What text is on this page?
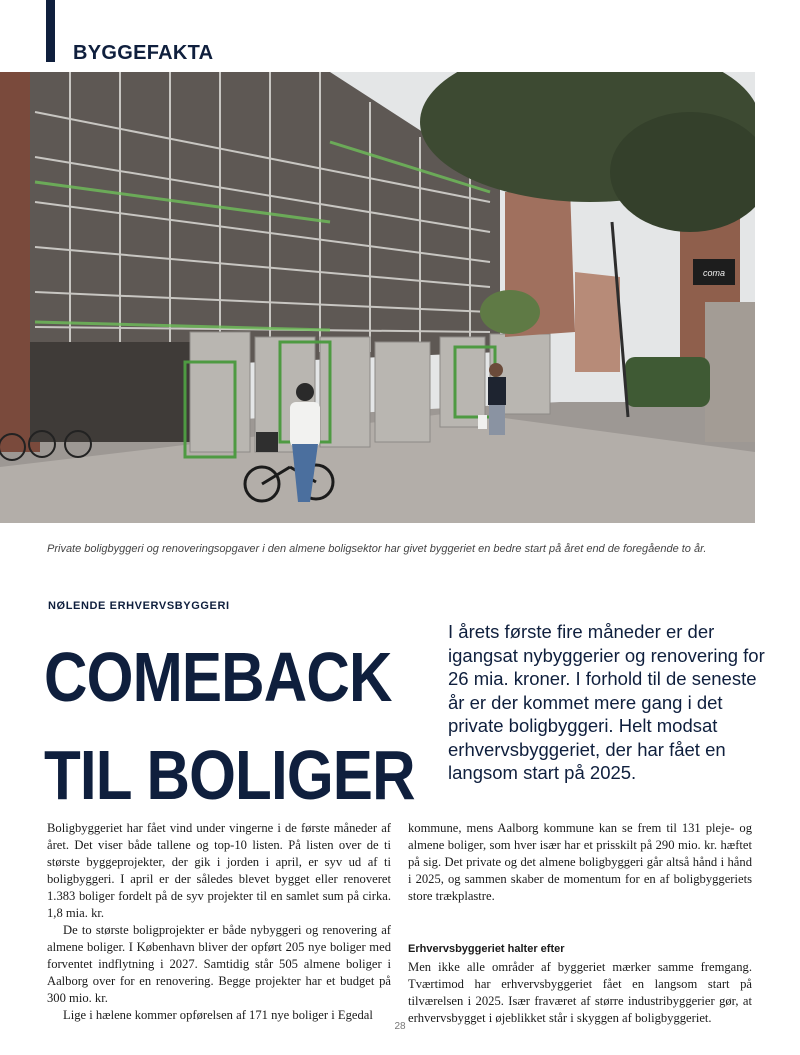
BYGGEFAKTA
coma
Private boligbyggeri og renoveringsopgaver i den almene boligsektor har givet byggeriet en bedre start på året end de foregående to år.
NØLENDE ERHVERVSBYGGERI
COMEBACK
TIL BOLIGER
I årets første fire måneder er der igangsat nybyggerier og renovering for 26 mia. kroner. I forhold til de seneste år er der kommet mere gang i det private boligbyggeri. Helt modsat erhvervsbyggeriet, der har fået en langsom start på 2025.

Boligbyggeriet har fået vind under vingerne i de første måneder af året. Det viser både tallene og top-10 listen. På listen over de ti største byggeprojekter, der gik i jorden i april, er syv ud af ti boligbyggeri. I april er der således blevet bygget eller renoveret 1.383 boliger fordelt på de syv projekter til en samlet sum på cirka. 1,8 mia. kr.

De to største boligprojekter er både nybyggeri og renovering af almene boliger. I København bliver der opført 205 nye boliger med forventet indflytning i 2027. Samtidig står 505 almene boliger i Aalborg over for en renovering. Begge projekter har et budget på 300 mio. kr.

Lige i hælene kommer opførelsen af 171 nye boliger i Egedal

kommune, mens Aalborg kommune kan se frem til 131 pleje- og almene boliger, som hver især har et prisskilt på 290 mio. kr. hæftet på sig. Det private og det almene boligbyggeri går altså hånd i hånd i 2025, og sammen skaber de momentum for en af boligbyggeriets store trækplastre.

Erhvervsbyggeriet halter efter

Men ikke alle områder af byggeriet mærker samme fremgang. Tværtimod har erhvervsbyggeriet fået en langsom start på tilværelsen i 2025. Især fraværet af større industribyggerier gør, at erhvervsbygget i øjeblikket står i skyggen af boligbyggeriet.

28
